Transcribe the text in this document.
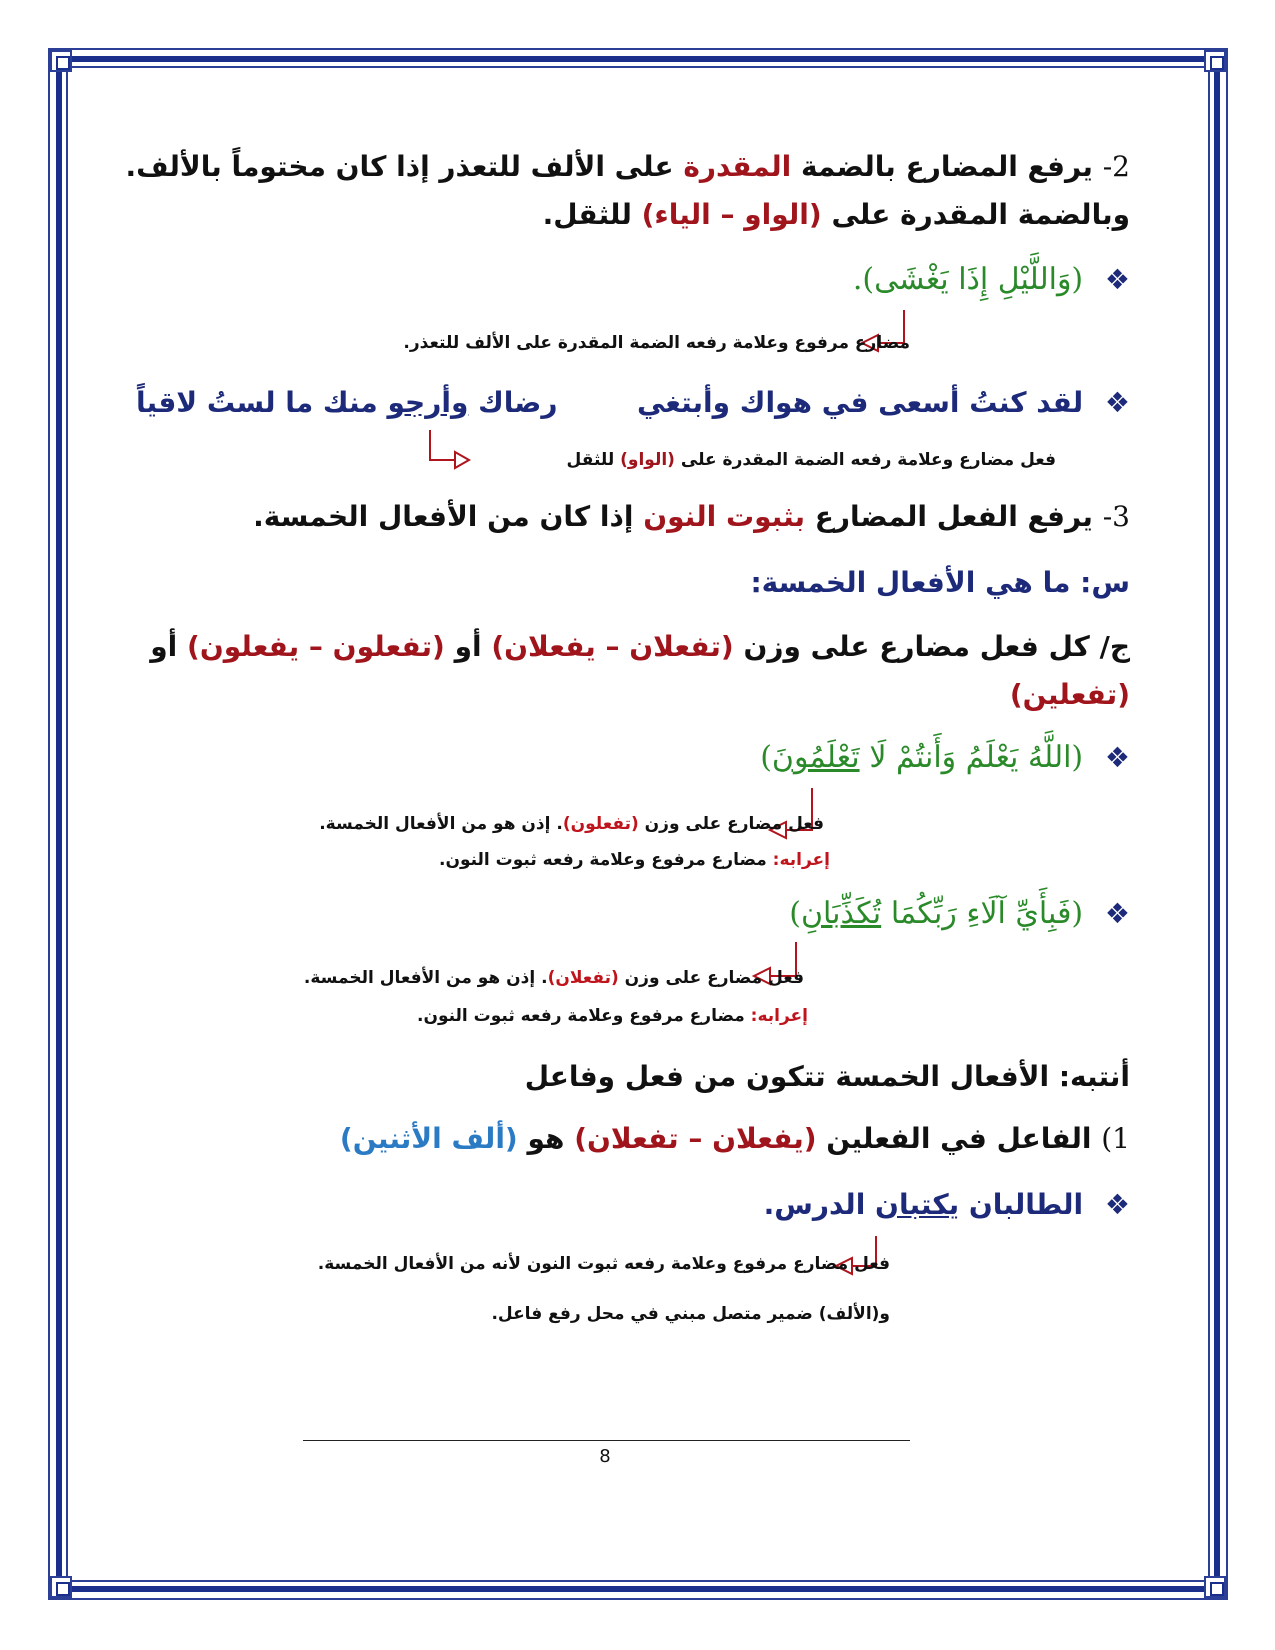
2- يرفع المضارع بالضمة المقدرة على الألف للتعذر إذا كان مختوماً بالألف.
وبالضمة المقدرة على (الواو – الياء) للثقل.
❖ (وَاللَّيْلِ إِذَا يَغْشَى).
مضارع مرفوع وعلامة رفعه الضمة المقدرة على الألف للتعذر.
❖ لقد كنتُ أسعى في هواك وأبتغي  رضاك وأرجو منك ما لستُ لاقياً
فعل مضارع وعلامة رفعه الضمة المقدرة على (الواو) للثقل
3- يرفع الفعل المضارع بثبوت النون إذا كان من الأفعال الخمسة.
س: ما هي الأفعال الخمسة:
ج/ كل فعل مضارع على وزن (تفعلان – يفعلان) أو (تفعلون – يفعلون) أو
(تفعلين)
❖ (اللَّهُ يَعْلَمُ وَأَنتُمْ لَا تَعْلَمُونَ)
فعل مضارع على وزن (تفعلون). إذن هو من الأفعال الخمسة.
إعرابه: مضارع مرفوع وعلامة رفعه ثبوت النون.
❖ (فَبِأَيِّ آلَاءِ رَبِّكُمَا تُكَذِّبَانِ)
فعل مضارع على وزن (تفعلان). إذن هو من الأفعال الخمسة.
إعرابه: مضارع مرفوع وعلامة رفعه ثبوت النون.
أنتبه: الأفعال الخمسة تتكون من فعل وفاعل
1) الفاعل في الفعلين (يفعلان – تفعلان) هو (ألف الأثنين)
❖ الطالبان يكتبان الدرس.
فعل مضارع مرفوع وعلامة رفعه ثبوت النون لأنه من الأفعال الخمسة.
و(الألف) ضمير متصل مبني في محل رفع فاعل.
8
